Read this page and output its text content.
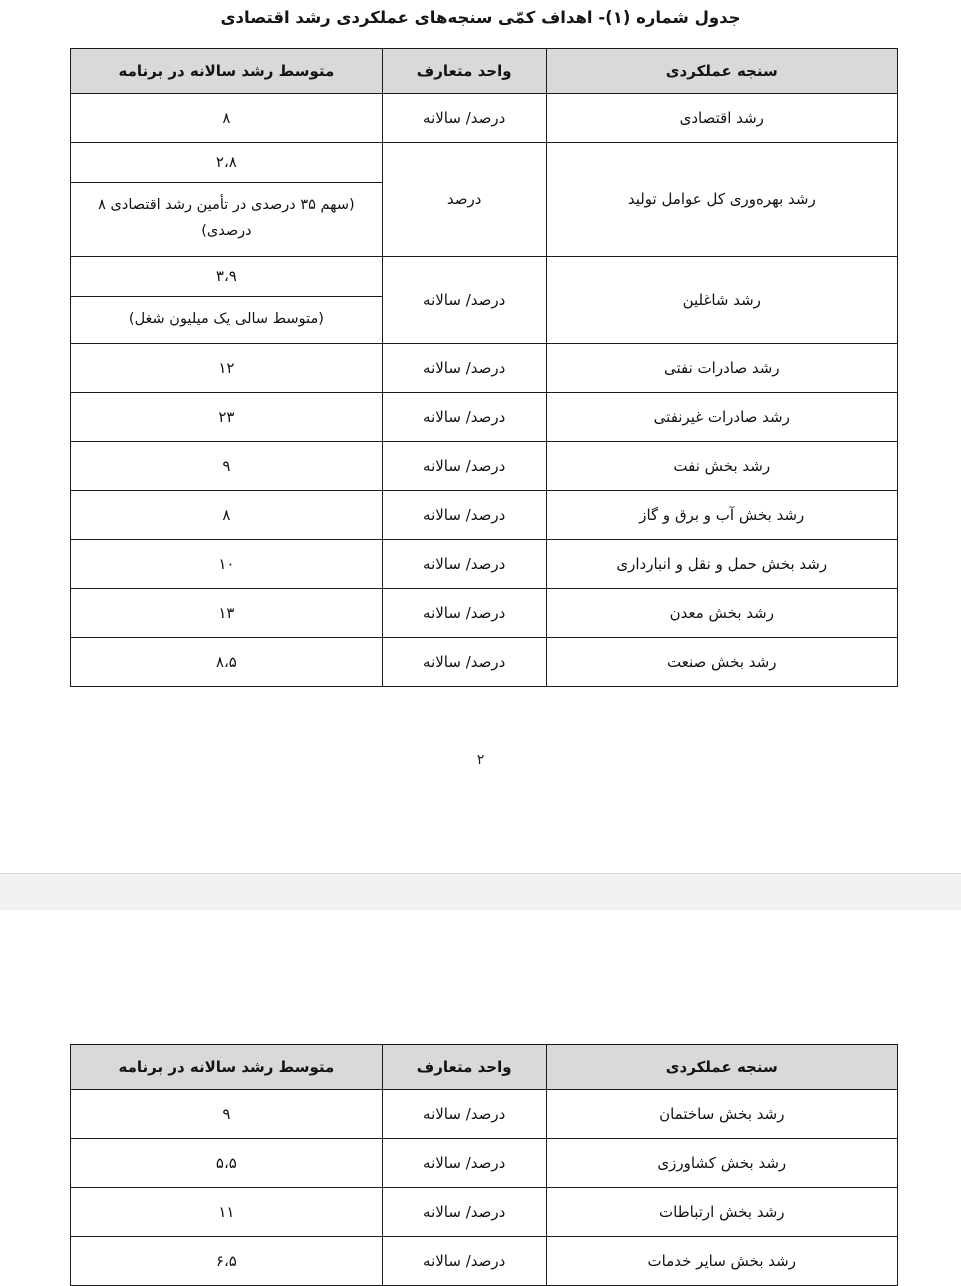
جدول شماره (۱)- اهداف کمّی سنجه‌های عملکردی رشد اقتصادی
سنجه عملکردی	واحد متعارف	متوسط رشد سالانه در برنامه
رشد اقتصادی	درصد/ سالانه	۸
رشد بهره‌وری کل عوامل تولید	درصد	۲،۸
(سهم ۳۵ درصدی در تأمین رشد اقتصادی ۸ درصدی)

رشد شاغلین	درصد/ سالانه	۳،۹
(متوسط سالی یک میلیون شغل)

رشد صادرات نفتی	درصد/ سالانه	۱۲
رشد صادرات غیرنفتی	درصد/ سالانه	۲۳
رشد بخش نفت	درصد/ سالانه	۹
رشد بخش آب و برق و گاز	درصد/ سالانه	۸
رشد بخش حمل و نقل و انبارداری	درصد/ سالانه	۱۰
رشد بخش معدن	درصد/ سالانه	۱۳
رشد بخش صنعت	درصد/ سالانه	۸،۵
۲
سنجه عملکردی	واحد متعارف	متوسط رشد سالانه در برنامه
رشد بخش ساختمان	درصد/ سالانه	۹
رشد بخش کشاورزی	درصد/ سالانه	۵،۵
رشد بخش ارتباطات	درصد/ سالانه	۱۱
رشد بخش سایر خدمات	درصد/ سالانه	۶،۵
